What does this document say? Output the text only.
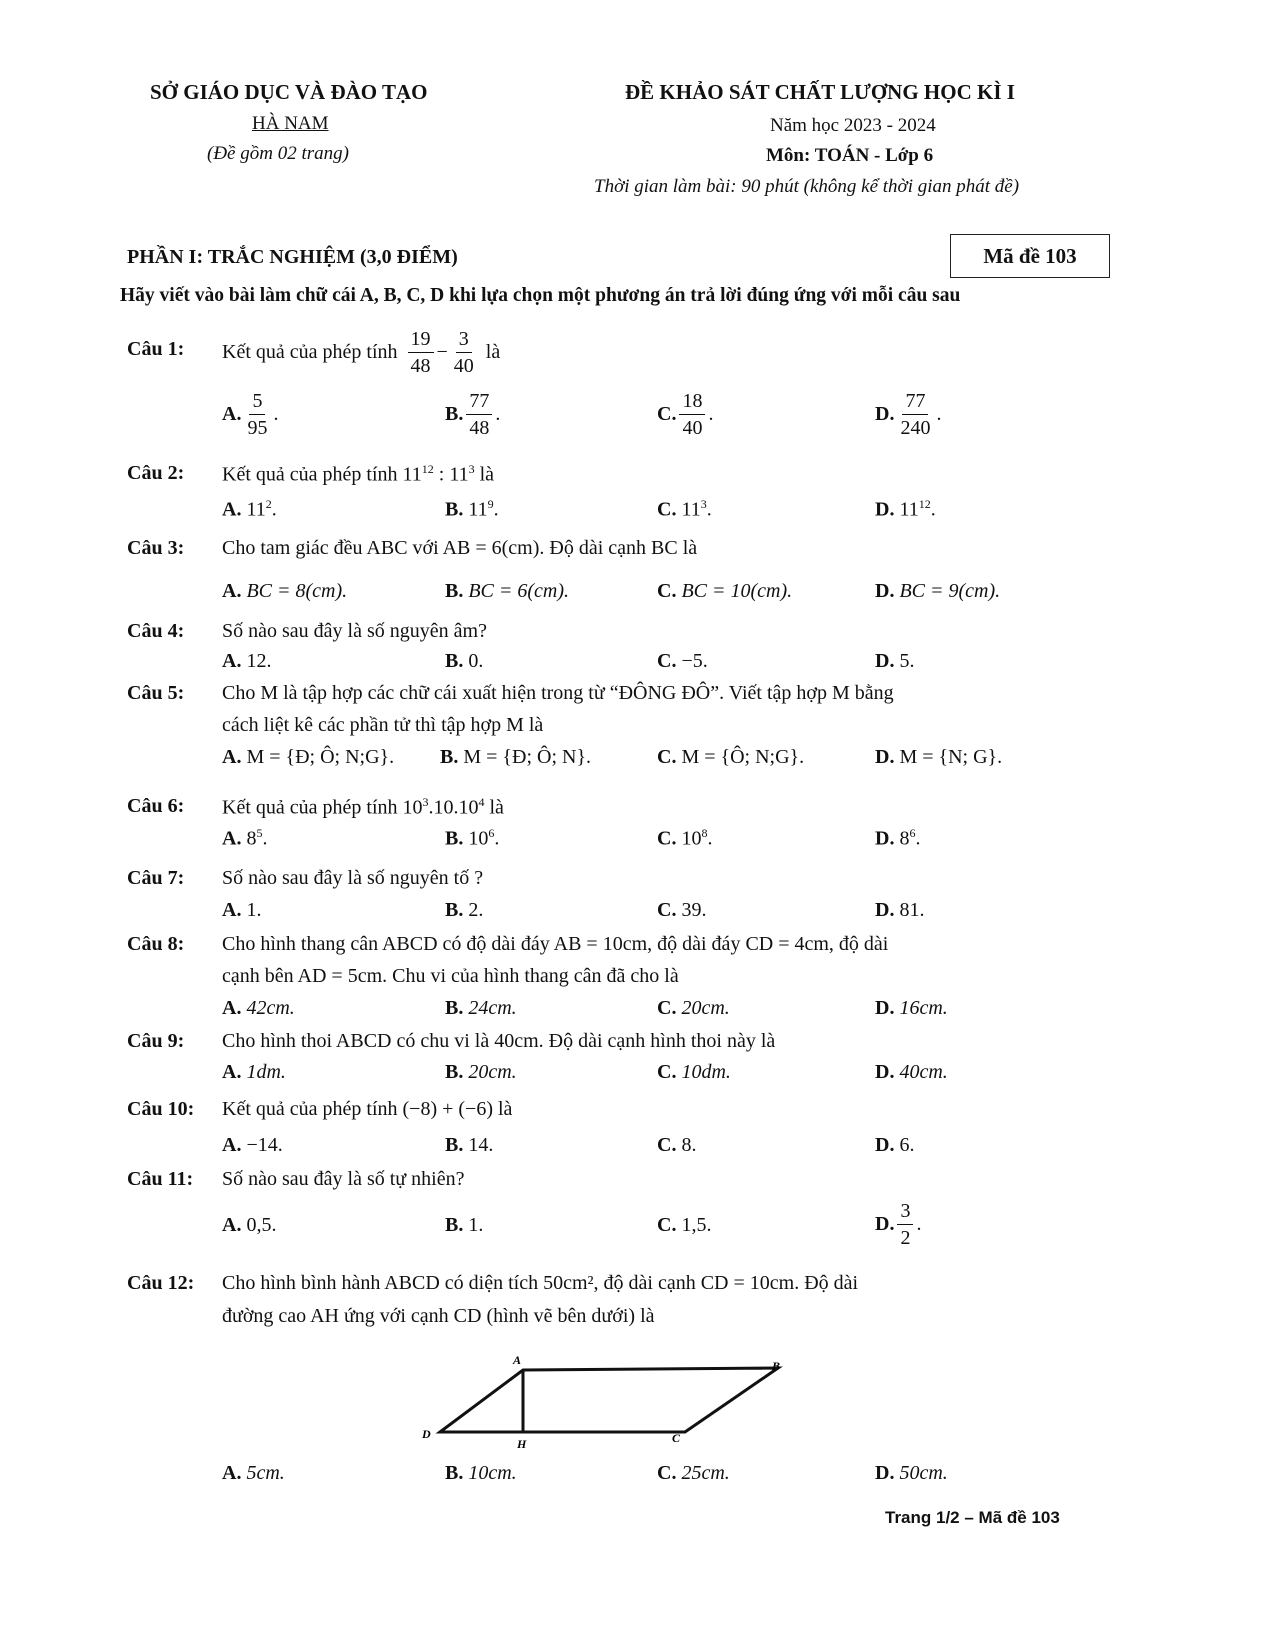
SỞ GIÁO DỤC VÀ ĐÀO TẠO
HÀ NAM
(Đề gồm 02 trang)
ĐỀ KHẢO SÁT CHẤT LƯỢNG HỌC KÌ I
Năm học 2023 - 2024
Môn: TOÁN - Lớp 6
Thời gian làm bài: 90 phút (không kể thời gian phát đề)
PHẦN I: TRẮC NGHIỆM (3,0 ĐIỂM)	Mã đề 103
Hãy viết vào bài làm chữ cái A, B, C, D khi lựa chọn một phương án trả lời đúng ứng với mỗi câu sau
Câu 1: Kết quả của phép tính $\frac{19}{48} - \frac{3}{40}$ là
A. $\frac{5}{95}$ .	B. $\frac{77}{48}$ .	C. $\frac{18}{40}$ .	D. $\frac{77}{240}$ .
Câu 2: Kết quả của phép tính $11^{12}$ : $11^3$ là
A. $11^2$.	B. $11^9$.	C. $11^3$.	D. $11^{12}$.
Câu 3: Cho tam giác đều ABC với AB = 6(cm). Độ dài cạnh BC là
A. BC = 8(cm).	B. BC = 6(cm).	C. BC = 10(cm).	D. BC = 9(cm).
Câu 4: Số nào sau đây là số nguyên âm?
A. 12.	B. 0.	C. −5.	D. 5.
Câu 5: Cho M là tập hợp các chữ cái xuất hiện trong từ “ĐÔNG ĐÔ”. Viết tập hợp M bằng
cách liệt kê các phần tử thì tập hợp M là
A. M = {Đ; Ô; N;G}. B. M = {Đ; Ô; N}.	C. M = {Ô; N;G}.	D. M = {N; G}.
Câu 6: Kết quả của phép tính $10^3.10.10^4$ là
A. $8^5$.	B. $10^6$.	C. $10^8$.	D. $8^6$.
Câu 7: Số nào sau đây là số nguyên tố ?
A. 1.	B. 2.	C. 39.	D. 81.
Câu 8: Cho hình thang cân ABCD có độ dài đáy AB = 10cm, độ dài đáy CD = 4cm, độ dài
cạnh bên AD = 5cm. Chu vi của hình thang cân đã cho là
A. 42cm.	B. 24cm.	C. 20cm.	D. 16cm.
Câu 9: Cho hình thoi ABCD có chu vi là 40cm. Độ dài cạnh hình thoi này là
A. 1dm.	B. 20cm.	C. 10dm.	D. 40cm.
Câu 10: Kết quả của phép tính (−8) + (−6) là
A. −14.	B. 14.	C. 8.	D. 6.
Câu 11: Số nào sau đây là số tự nhiên?
A. 0,5.	B. 1.	C. 1,5.	D. $\frac{3}{2}$ .
Câu 12: Cho hình bình hành ABCD có diện tích 50cm², độ dài cạnh CD = 10cm. Độ dài
đường cao AH ứng với cạnh CD (hình vẽ bên dưới) là
A	B
C
D
H
A. 5cm.	B. 10cm.	C. 25cm.	D. 50cm.
Trang 1/2 – Mã đề 103
